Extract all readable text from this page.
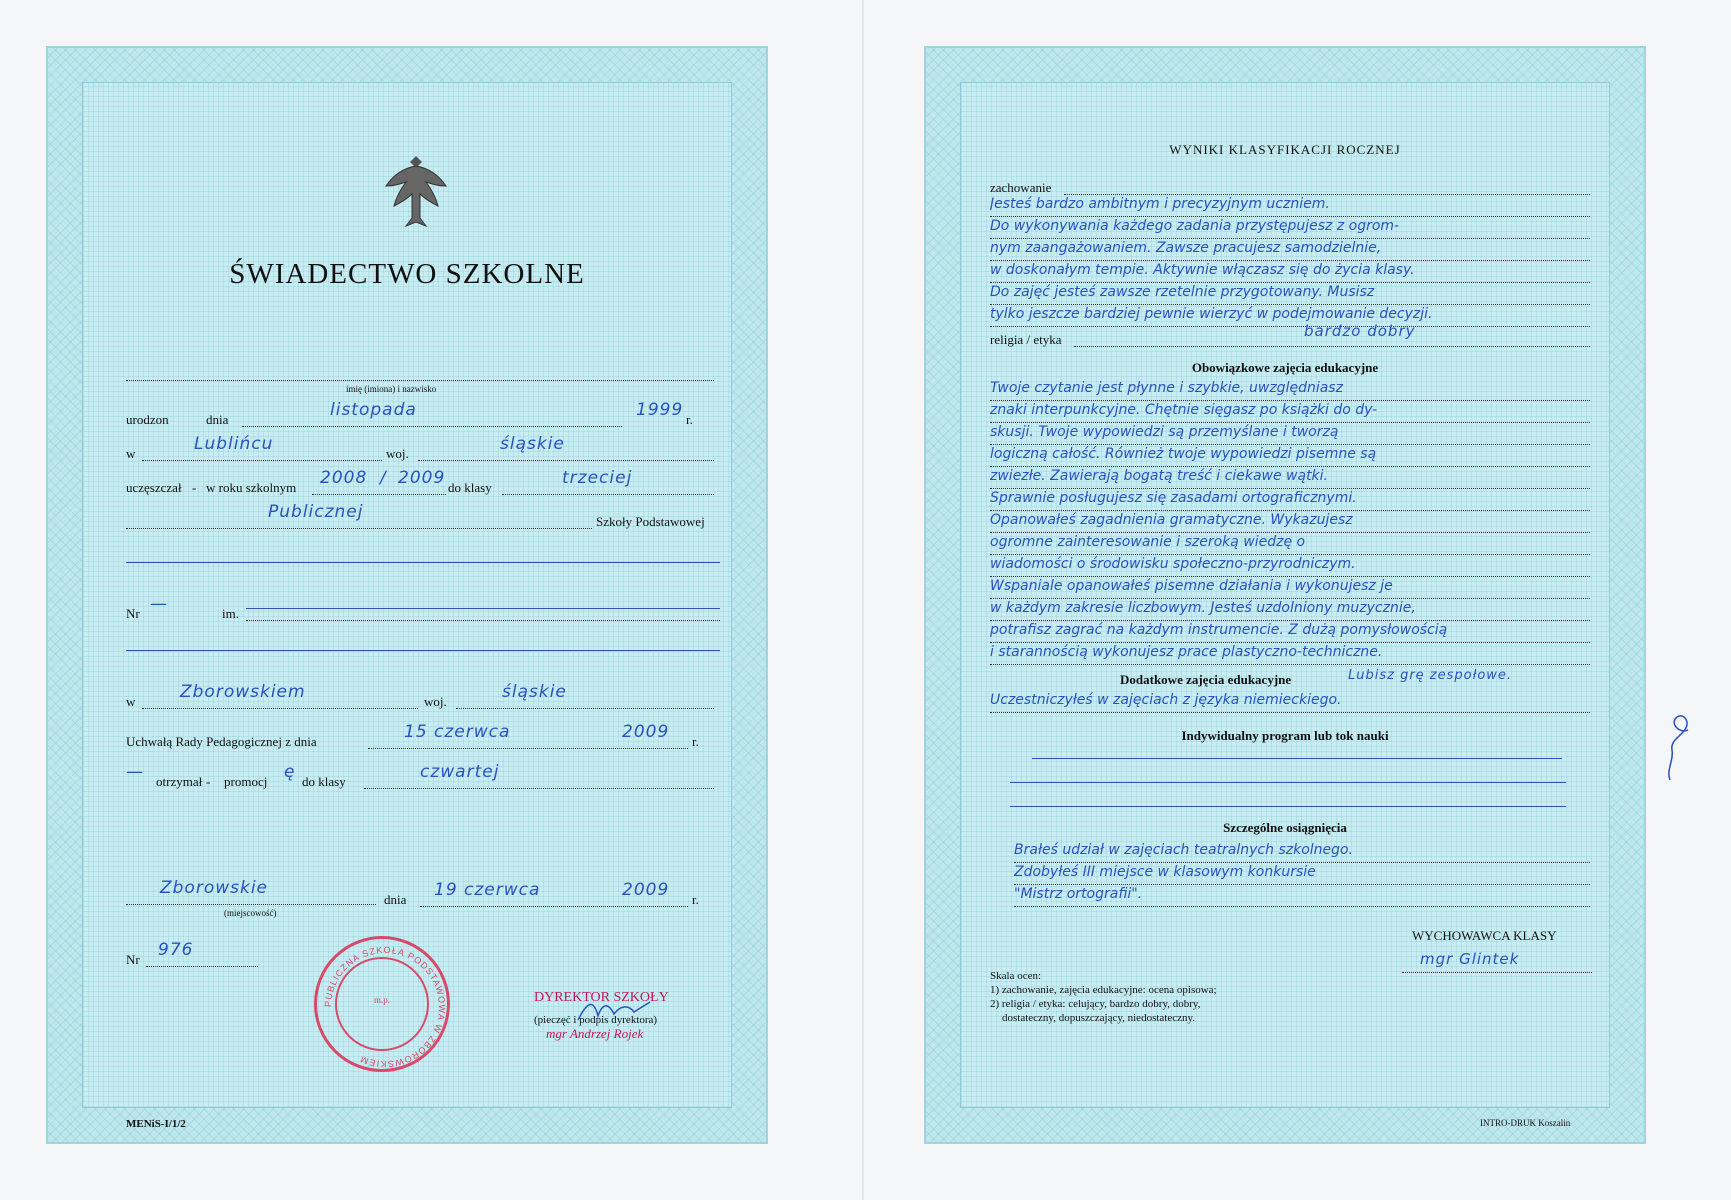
ŚWIADECTWO SZKOLNE
imię (imiona) i nazwisko
urodzon	dnia	listopada	1999 r.
w	Lublińcu	woj.	śląskie
uczęszczał - w roku szkolnym 2008 / 2009 do klasy	trzeciej
Publicznej	Szkoły Podstawowej
Nr —	im.
w	Zborowskiem	woj.	śląskie
Uchwałą Rady Pedagogicznej z dnia	15 czerwca	2009 r.
— otrzymał - promocj ę do klasy	czwartej
Zborowskie
(miejscowość)
dnia 19 czerwca	2009 r.
Nr 976
PUBLICZNA SZKOŁA PODSTAWOWA W ZBOROWSKIEM
m.p.	DYREKTOR SZKOŁY
(pieczęć i podpis dyrektora)
mgr Andrzej Rojek
MENiS-I/1/2
WYNIKI KLASYFIKACJI ROCZNEJ
zachowanie
Jesteś bardzo ambitnym i precyzyjnym uczniem.
Do wykonywania każdego zadania przystępujesz z ogrom-
nym zaangażowaniem. Zawsze pracujesz samodzielnie,
w doskonałym tempie. Aktywnie włączasz się do życia klasy.
Do zajęć jesteś zawsze rzetelnie przygotowany. Musisz
tylko jeszcze bardziej pewnie wierzyć w podejmowanie decyzji.
religia / etyka	bardzo dobry
Obowiązkowe zajęcia edukacyjne
Twoje czytanie jest płynne i szybkie, uwzględniasz
znaki interpunkcyjne. Chętnie sięgasz po książki do dy-
skusji. Twoje wypowiedzi są przemyślane i tworzą
logiczną całość. Również twoje wypowiedzi pisemne są
zwiezłe. Zawierają bogatą treść i ciekawe wątki.
Sprawnie posługujesz się zasadami ortograficznymi.
Opanowałeś zagadnienia gramatyczne. Wykazujesz
ogromne zainteresowanie i szeroką wiedzę o
wiadomości o środowisku społeczno-przyrodniczym.
Wspaniale opanowałeś pisemne działania i wykonujesz je
w każdym zakresie liczbowym. Jesteś uzdolniony muzycznie,
potrafisz zagrać na każdym instrumencie. Z dużą pomysłowością
i starannością wykonujesz prace plastyczno-techniczne.
Dodatkowe zajęcia edukacyjne	Lubisz grę zespołowe.
Uczestniczyłeś w zajęciach z języka niemieckiego.
Indywidualny program lub tok nauki
Szczególne osiągnięcia
Brałeś udział w zajęciach teatralnych szkolnego.
Zdobyłeś III miejsce w klasowym konkursie
"Mistrz ortografii".
WYCHOWAWCA KLASY
mgr Glintek
Skala ocen:
1) zachowanie, zajęcia edukacyjne: ocena opisowa;
2) religia / etyka: celujący, bardzo dobry, dobry,
dostateczny, dopuszczający, niedostateczny.
INTRO-DRUK Koszalin
